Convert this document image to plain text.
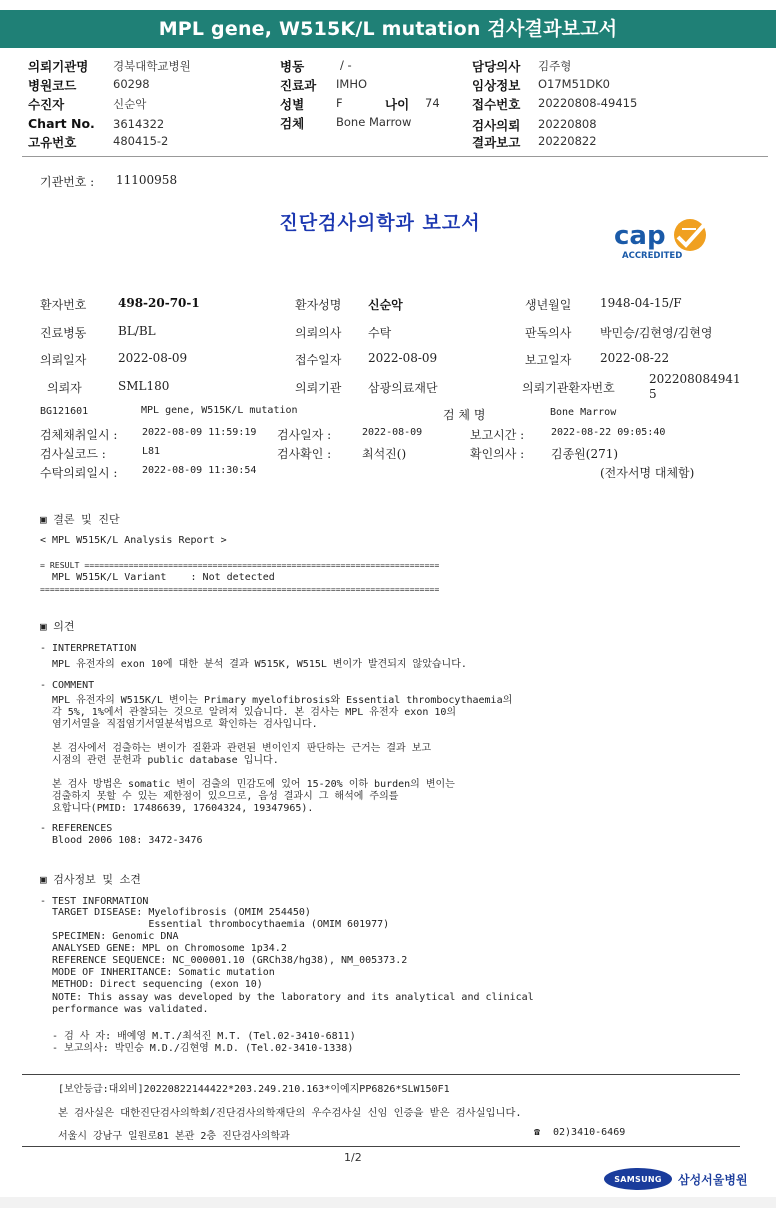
MPL gene, W515K/L mutation 검사결과보고서
의뢰기관명 경북대학교병원
병원코드	60298
수진자	신순악
Chart No. 3614322
고유번호	480415-2
병동	/ -
진료과 IMHO
성별	F	나이 74
검체	Bone Marrow
담당의사 김주형
임상정보 O17M51DK0
접수번호 20220808-49415
검사의뢰 20220808
결과보고 20220822
기관번호 : 11100958
진단검사의학과 보고서	cap
ACCREDITED
환자번호	498-20-70-1	환자성명 신순악	생년월일 1948-04-15/F
진료병동	BL/BL	의뢰의사 수탁	판독의사 박민승/김현영/김현영
의뢰일자	2022-08-09	접수일자 2022-08-09	보고일자 2022-08-22
의뢰자	SML180	의뢰기관 삼광의료재단	의뢰기관환자번호
202208084941
5
BG121601	MPL gene, W515K/L mutation	검 체 명	Bone Marrow
검체채취일시 : 2022-08-09 11:59:19 검사일자 :	2022-08-09	보고시간 :	2022-08-22 09:05:40
검사실코드 :	L81	검사확인 :	최석진()	확인의사 : 김종원(271)
수탁의뢰일시 : 2022-08-09 11:30:54	(전자서명 대체함)
▣ 결론 및 진단
< MPL W515K/L Analysis Report >
= RESULT ========================================================================
MPL W515K/L Variant    : Not detected
=================================================================================
▣ 의견
- INTERPRETATION
MPL 유전자의 exon 10에 대한 분석 결과 W515K, W515L 변이가 발견되지 않았습니다.
- COMMENT
MPL 유전자의 W515K/L 변이는 Primary myelofibrosis와 Essential thrombocythaemia의
각 5%, 1%에서 관찰되는 것으로 알려져 있습니다. 본 검사는 MPL 유전자 exon 10의
염기서열을 직접염기서열분석법으로 확인하는 검사입니다.
본 검사에서 검출하는 변이가 질환과 관련된 변이인지 판단하는 근거는 결과 보고
시점의 관련 문헌과 public database 입니다.
본 검사 방법은 somatic 변이 검출의 민감도에 있어 15-20% 이하 burden의 변이는
검출하지 못할 수 있는 제한점이 있으므로, 음성 결과시 그 해석에 주의를
요합니다(PMID: 17486639, 17604324, 19347965).
- REFERENCES
Blood 2006 108: 3472-3476
▣ 검사정보 및 소견
- TEST INFORMATION
TARGET DISEASE: Myelofibrosis (OMIM 254450)
Essential thrombocythaemia (OMIM 601977)
SPECIMEN: Genomic DNA
ANALYSED GENE: MPL on Chromosome 1p34.2
REFERENCE SEQUENCE: NC_000001.10 (GRCh38/hg38), NM_005373.2
MODE OF INHERITANCE: Somatic mutation
METHOD: Direct sequencing (exon 10)
NOTE: This assay was developed by the laboratory and its analytical and clinical
performance was validated.
- 검 사 자: 배예영 M.T./최석진 M.T. (Tel.02-3410-6811)
- 보고의사: 박민승 M.D./김현영 M.D. (Tel.02-3410-1338)
[보안등급:대외비]20220822144422*203.249.210.163*이예지PP6826*SLW150F1
본 검사실은 대한진단검사의학회/진단검사의학재단의 우수검사실 신임 인증을 받은 검사실입니다.
서울시 강남구 일원로81 본관 2층 진단검사의학과	☎ 02)3410-6469
1/2
SAMSUNG	삼성서울병원
